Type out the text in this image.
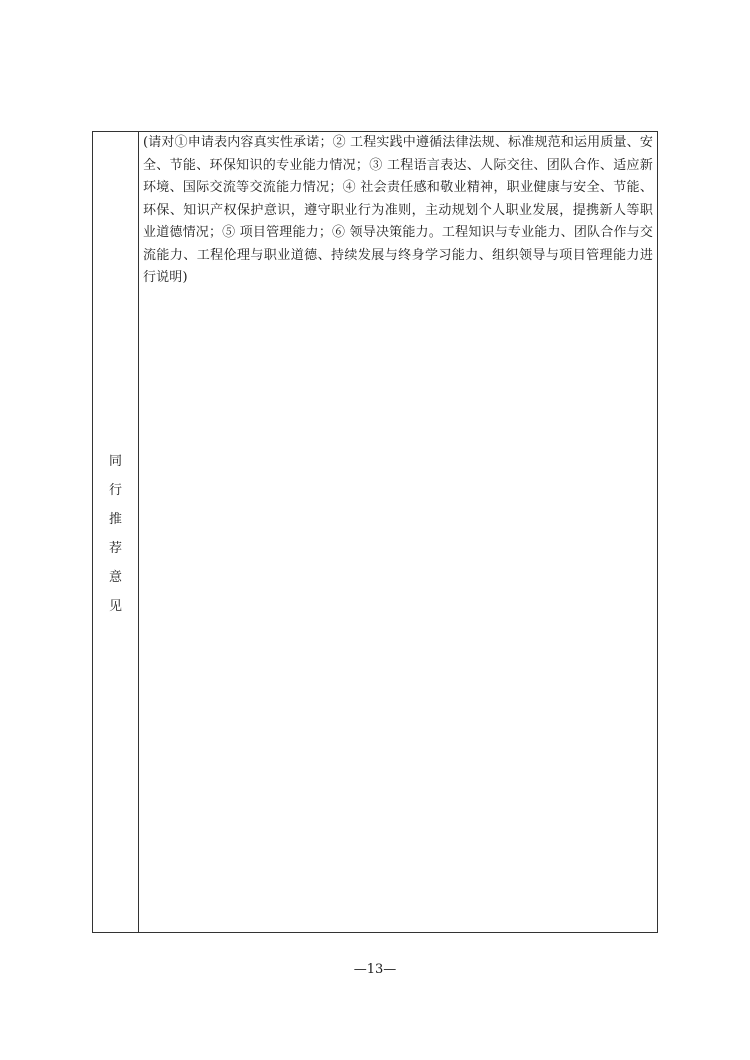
同
行
推
荐
意
见

(请对①申请表内容真实性承诺；② 工程实践中遵循法律法规、标准规范和运用质量、安全、节能、环保知识的专业能力情况；③ 工程语言表达、人际交往、团队合作、适应新环境、国际交流等交流能力情况；④ 社会责任感和敬业精神，职业健康与安全、节能、环保、知识产权保护意识，遵守职业行为准则，主动规划个人职业发展，提携新人等职业道德情况；⑤ 项目管理能力；⑥ 领导决策能力。工程知识与专业能力、团队合作与交流能力、工程伦理与职业道德、持续发展与终身学习能力、组织领导与项目管理能力进行说明)

—13—
